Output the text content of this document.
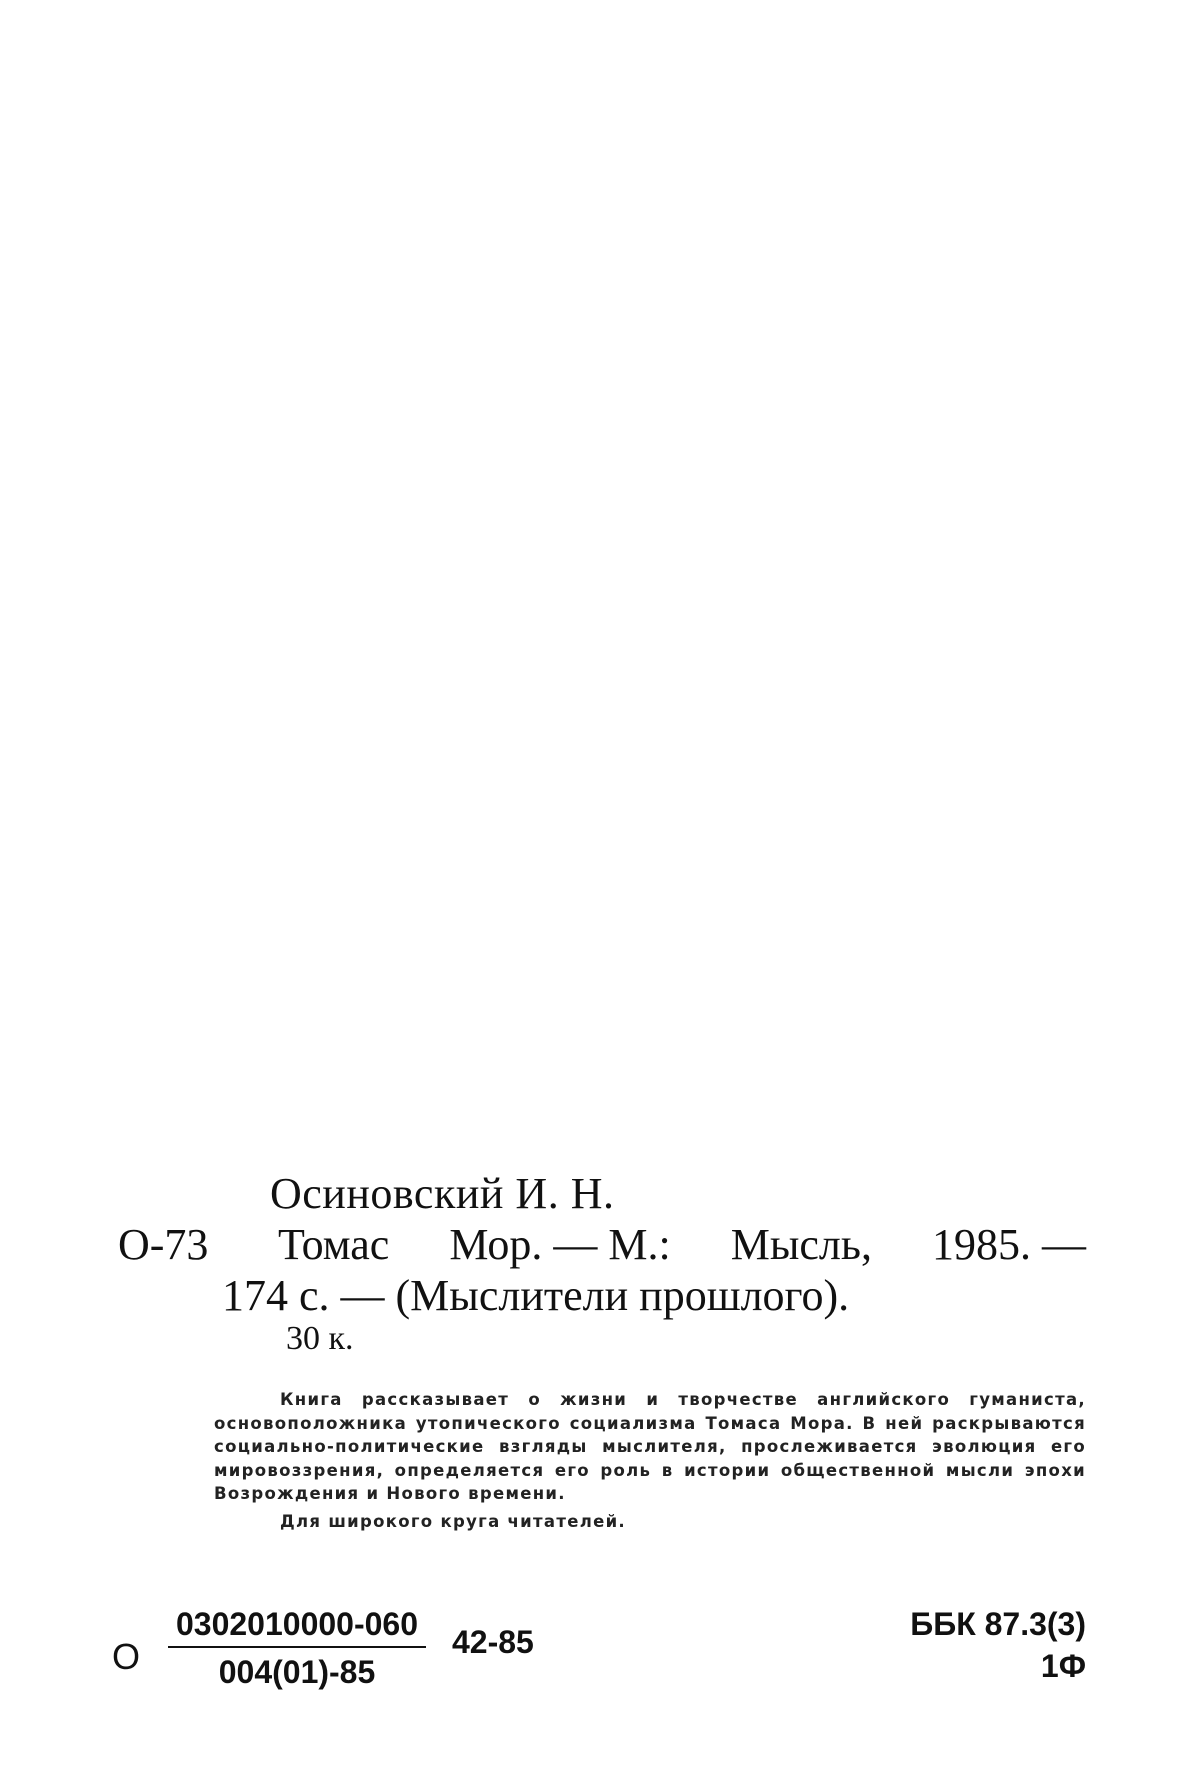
Осиновский И. Н.
О-73 Томас Мор. — М.: Мысль, 1985. —
174 с. — (Мыслители прошлого).
30 к.

Книга рассказывает о жизни и творчестве английского гуманиста, основоположника утопического социализма Томаса Мора. В ней раскрываются социально-политические взгляды мыслителя, прослеживается эволюция его мировоззрения, определяется его роль в истории общественной мысли эпохи Возрождения и Нового времени.

Для широкого круга читателей.

О
0302010000-060
004(01)-85
42-85	ББК 87.3(3)
1Ф
